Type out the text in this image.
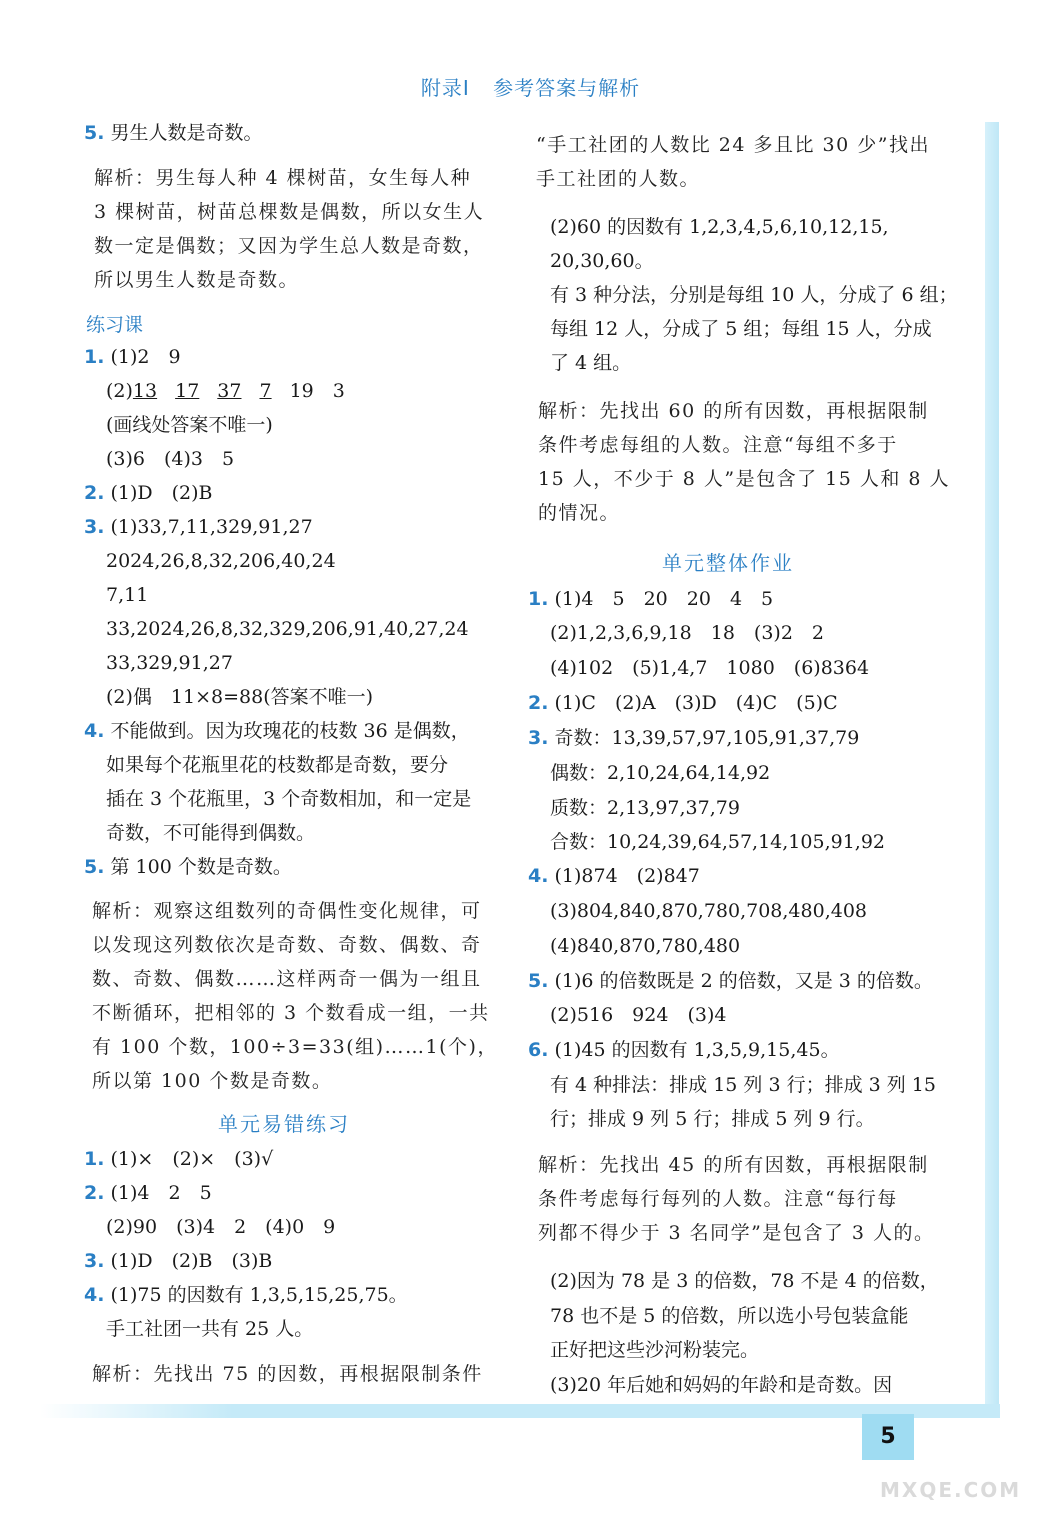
附录Ⅰ 参考答案与解析
5. 男生人数是奇数。
解析：男生每人种 4 棵树苗，女生每人种
3 棵树苗，树苗总棵数是偶数，所以女生人
数一定是偶数；又因为学生总人数是奇数，
所以男生人数是奇数。
练习课
1. (1)2　9
(2)13 17 37 7 19　3
(画线处答案不唯一)
(3)6　(4)3　5
2. (1)D　(2)B
3. (1)33,7,11,329,91,27
2024,26,8,32,206,40,24
7,11
33,2024,26,8,32,329,206,91,40,27,24
33,329,91,27
(2)偶　11×8=88(答案不唯一)
4. 不能做到。因为玫瑰花的枝数 36 是偶数，
如果每个花瓶里花的枝数都是奇数，要分
插在 3 个花瓶里，3 个奇数相加，和一定是
奇数，不可能得到偶数。
5. 第 100 个数是奇数。
解析：观察这组数列的奇偶性变化规律，可
以发现这列数依次是奇数、奇数、偶数、奇
数、奇数、偶数……这样两奇一偶为一组且
不断循环，把相邻的 3 个数看成一组，一共
有 100 个数，100÷3=33(组)……1(个)，
所以第 100 个数是奇数。
单元易错练习
1. (1)×　(2)×　(3)√
2. (1)4　2　5
(2)90　(3)4　2　(4)0　9
3. (1)D　(2)B　(3)B
4. (1)75 的因数有 1,3,5,15,25,75。
手工社团一共有 25 人。
解析：先找出 75 的因数，再根据限制条件
“手工社团的人数比 24 多且比 30 少”找出
手工社团的人数。
(2)60 的因数有 1,2,3,4,5,6,10,12,15,
20,30,60。
有 3 种分法，分别是每组 10 人，分成了 6 组；
每组 12 人，分成了 5 组；每组 15 人，分成
了 4 组。
解析：先找出 60 的所有因数，再根据限制
条件考虑每组的人数。注意“每组不多于
15 人，不少于 8 人”是包含了 15 人和 8 人
的情况。
单元整体作业
1. (1)4　5　20　20　4　5
(2)1,2,3,6,9,18　18　(3)2　2
(4)102　(5)1,4,7　1080　(6)8364
2. (1)C　(2)A　(3)D　(4)C　(5)C
3. 奇数：13,39,57,97,105,91,37,79
偶数：2,10,24,64,14,92
质数：2,13,97,37,79
合数：10,24,39,64,57,14,105,91,92
4. (1)874　(2)847
(3)804,840,870,780,708,480,408
(4)840,870,780,480
5. (1)6 的倍数既是 2 的倍数，又是 3 的倍数。
(2)516　924　(3)4
6. (1)45 的因数有 1,3,5,9,15,45。
有 4 种排法：排成 15 列 3 行；排成 3 列 15
行；排成 9 列 5 行；排成 5 列 9 行。
解析：先找出 45 的所有因数，再根据限制
条件考虑每行每列的人数。注意“每行每
列都不得少于 3 名同学”是包含了 3 人的。
(2)因为 78 是 3 的倍数，78 不是 4 的倍数，
78 也不是 5 的倍数，所以选小号包装盒能
正好把这些沙河粉装完。
(3)20 年后她和妈妈的年龄和是奇数。因
5
MXQE.COM
